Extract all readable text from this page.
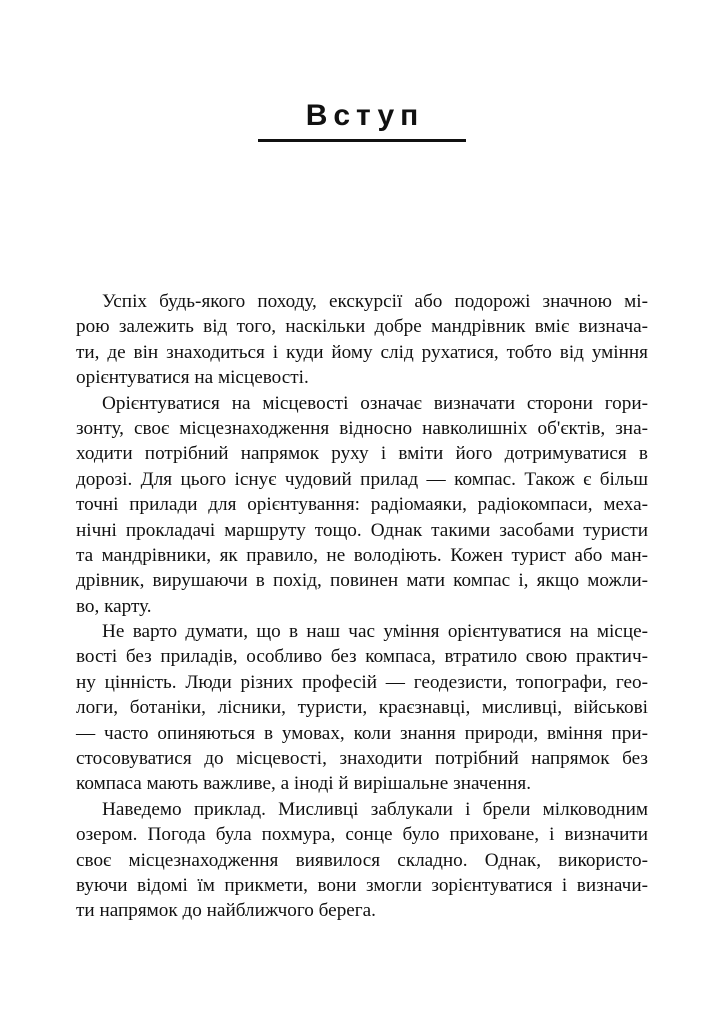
Вступ
Успіх будь-якого походу, екскурсії або подорожі значною мі-
рою залежить від того, наскільки добре мандрівник вміє визнача-
ти, де він знаходиться і куди йому слід рухатися, тобто від уміння
орієнтуватися на місцевості.
Орієнтуватися на місцевості означає визначати сторони гори-
зонту, своє місцезнаходження відносно навколишніх об'єктів, зна-
ходити потрібний напрямок руху і вміти його дотримуватися в
дорозі. Для цього існує чудовий прилад — компас. Також є більш
точні прилади для орієнтування: радіомаяки, радіокомпаси, меха-
нічні прокладачі маршруту тощо. Однак такими засобами туристи
та мандрівники, як правило, не володіють. Кожен турист або ман-
дрівник, вирушаючи в похід, повинен мати компас і, якщо можли-
во, карту.
Не варто думати, що в наш час уміння орієнтуватися на місце-
вості без приладів, особливо без компаса, втратило свою практич-
ну цінність. Люди різних професій — геодезисти, топографи, гео-
логи, ботаніки, лісники, туристи, краєзнавці, мисливці, військові
— часто опиняються в умовах, коли знання природи, вміння при-
стосовуватися до місцевості, знаходити потрібний напрямок без
компаса мають важливе, а іноді й вирішальне значення.
Наведемо приклад. Мисливці заблукали і брели мілководним
озером. Погода була похмура, сонце було приховане, і визначити
своє місцезнаходження виявилося складно. Однак, використо-
вуючи відомі їм прикмети, вони змогли зорієнтуватися і визначи-
ти напрямок до найближчого берега.
